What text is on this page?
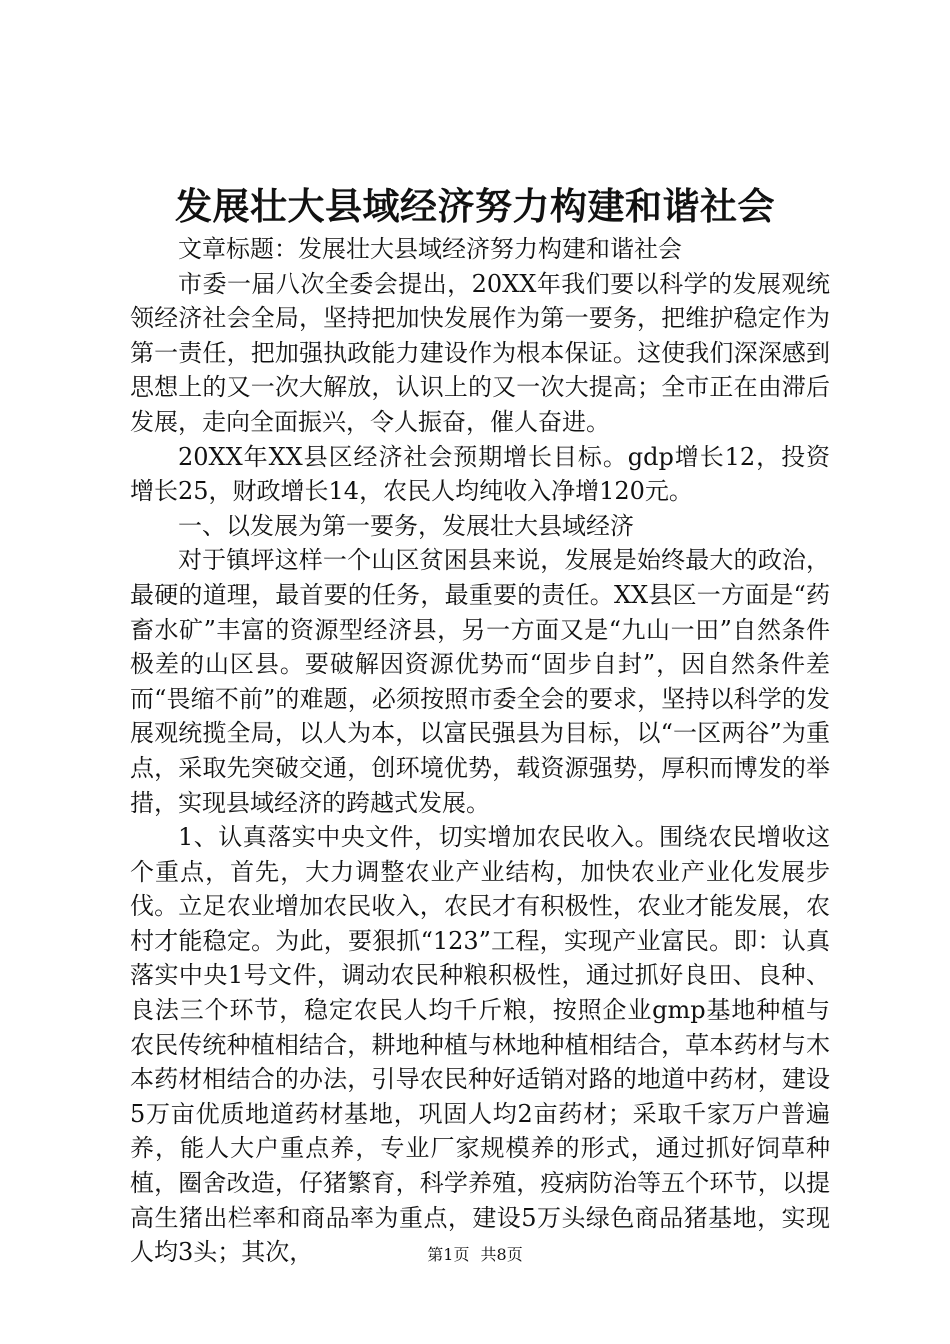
发展壮大县域经济努力构建和谐社会

文章标题：发展壮大县域经济努力构建和谐社会

市委一届八次全委会提出，20XX年我们要以科学的发展观统领经济社会全局，坚持把加快发展作为第一要务，把维护稳定作为第一责任，把加强执政能力建设作为根本保证。这使我们深深感到思想上的又一次大解放，认识上的又一次大提高；全市正在由滞后发展，走向全面振兴，令人振奋，催人奋进。

20XX年XX县区经济社会预期增长目标。gdp增长12，投资增长25，财政增长14，农民人均纯收入净增120元。

一、以发展为第一要务，发展壮大县域经济

对于镇坪这样一个山区贫困县来说，发展是始终最大的政治，最硬的道理，最首要的任务，最重要的责任。XX县区一方面是“药畜水矿”丰富的资源型经济县，另一方面又是“九山一田”自然条件极差的山区县。要破解因资源优势而“固步自封”，因自然条件差而“畏缩不前”的难题，必须按照市委全会的要求，坚持以科学的发展观统揽全局，以人为本，以富民强县为目标，以“一区两谷”为重点，采取先突破交通，创环境优势，载资源强势，厚积而博发的举措，实现县域经济的跨越式发展。

1、认真落实中央文件，切实增加农民收入。围绕农民增收这个重点，首先，大力调整农业产业结构，加快农业产业化发展步伐。立足农业增加农民收入，农民才有积极性，农业才能发展，农村才能稳定。为此，要狠抓“123”工程，实现产业富民。即：认真落实中央1号文件，调动农民种粮积极性，通过抓好良田、良种、良法三个环节，稳定农民人均千斤粮，按照企业gmp基地种植与农民传统种植相结合，耕地种植与林地种植相结合，草本药材与木本药材相结合的办法，引导农民种好适销对路的地道中药材，建设5万亩优质地道药材基地，巩固人均2亩药材；采取千家万户普遍养，能人大户重点养，专业厂家规模养的形式，通过抓好饲草种植，圈舍改造，仔猪繁育，科学养殖，疫病防治等五个环节，以提高生猪出栏率和商品率为重点，建设5万头绿色商品猪基地，实现人均3头；其次，	第1页 共8页
